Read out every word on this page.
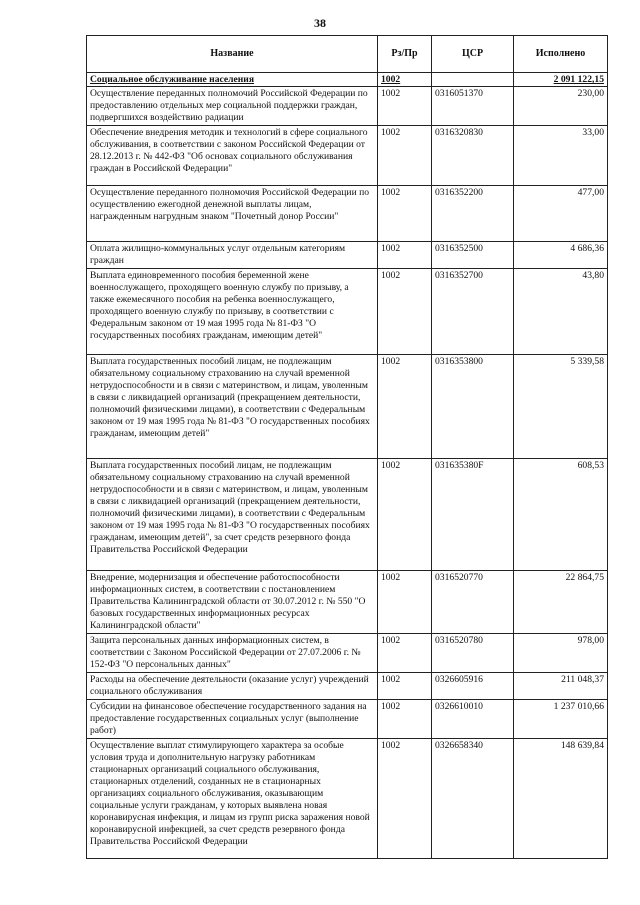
38
Название	Рз/Пр	ЦСР	Исполнено
Социальное обслуживание населения	1002		2 091 122,15
Осуществление переданных полномочий Российской Федерации по предоставлению отдельных мер социальной поддержки граждан, подвергшихся воздействию радиации	1002	0316051370	230,00
Обеспечение внедрения методик и технологий в сфере социального обслуживания, в соответствии с законом Российской Федерации от 28.12.2013 г. № 442-ФЗ "Об основах социального обслуживания граждан в Российской Федерации"	1002	0316320830	33,00
Осуществление переданного полномочия Российской Федерации по осуществлению ежегодной денежной выплаты лицам, награжденным нагрудным знаком "Почетный донор России"	1002	0316352200	477,00
Оплата жилищно-коммунальных услуг отдельным категориям граждан	1002	0316352500	4 686,36
Выплата единовременного пособия беременной жене военнослужащего, проходящего военную службу по призыву, а также ежемесячного пособия на ребенка военнослужащего, проходящего военную службу по призыву, в соответствии с Федеральным законом от 19 мая 1995 года № 81-ФЗ "О государственных пособиях гражданам, имеющим детей"	1002	0316352700	43,80
Выплата государственных пособий лицам, не подлежащим обязательному социальному страхованию на случай временной нетрудоспособности и в связи с материнством, и лицам, уволенным в связи с ликвидацией организаций (прекращением деятельности, полномочий физическими лицами), в соответствии с Федеральным законом от 19 мая 1995 года № 81-ФЗ "О государственных пособиях гражданам, имеющим детей"	1002	0316353800	5 339,58
Выплата государственных пособий лицам, не подлежащим обязательному социальному страхованию на случай временной нетрудоспособности и в связи с материнством, и лицам, уволенным в связи с ликвидацией организаций (прекращением деятельности, полномочий физическими лицами), в соответствии с Федеральным законом от 19 мая 1995 года № 81-ФЗ "О государственных пособиях гражданам, имеющим детей", за счет средств резервного фонда Правительства Российской Федерации	1002	031635380F	608,53
Внедрение, модернизация и обеспечение работоспособности информационных систем, в соответствии с постановлением Правительства Калининградской области от 30.07.2012 г. № 550 "О базовых государственных информационных ресурсах Калининградской области"	1002	0316520770	22 864,75
Защита персональных данных информационных систем, в соответствии с Законом Российской Федерации от 27.07.2006 г. № 152-ФЗ "О персональных данных"	1002	0316520780	978,00
Расходы на обеспечение деятельности (оказание услуг) учреждений социального обслуживания	1002	0326605916	211 048,37
Субсидии на финансовое обеспечение государственного задания на предоставление государственных социальных услуг (выполнение работ)	1002	0326610010	1 237 010,66
Осуществление выплат стимулирующего характера за особые условия труда и дополнительную нагрузку работникам стационарных организаций социального обслуживания, стационарных отделений, созданных не в стационарных организациях социального обслуживания, оказывающим социальные услуги гражданам, у которых выявлена новая коронавирусная инфекция, и лицам из групп риска заражения новой коронавирусной инфекцией, за счет средств резервного фонда Правительства Российской Федерации	1002	0326658340	148 639,84
